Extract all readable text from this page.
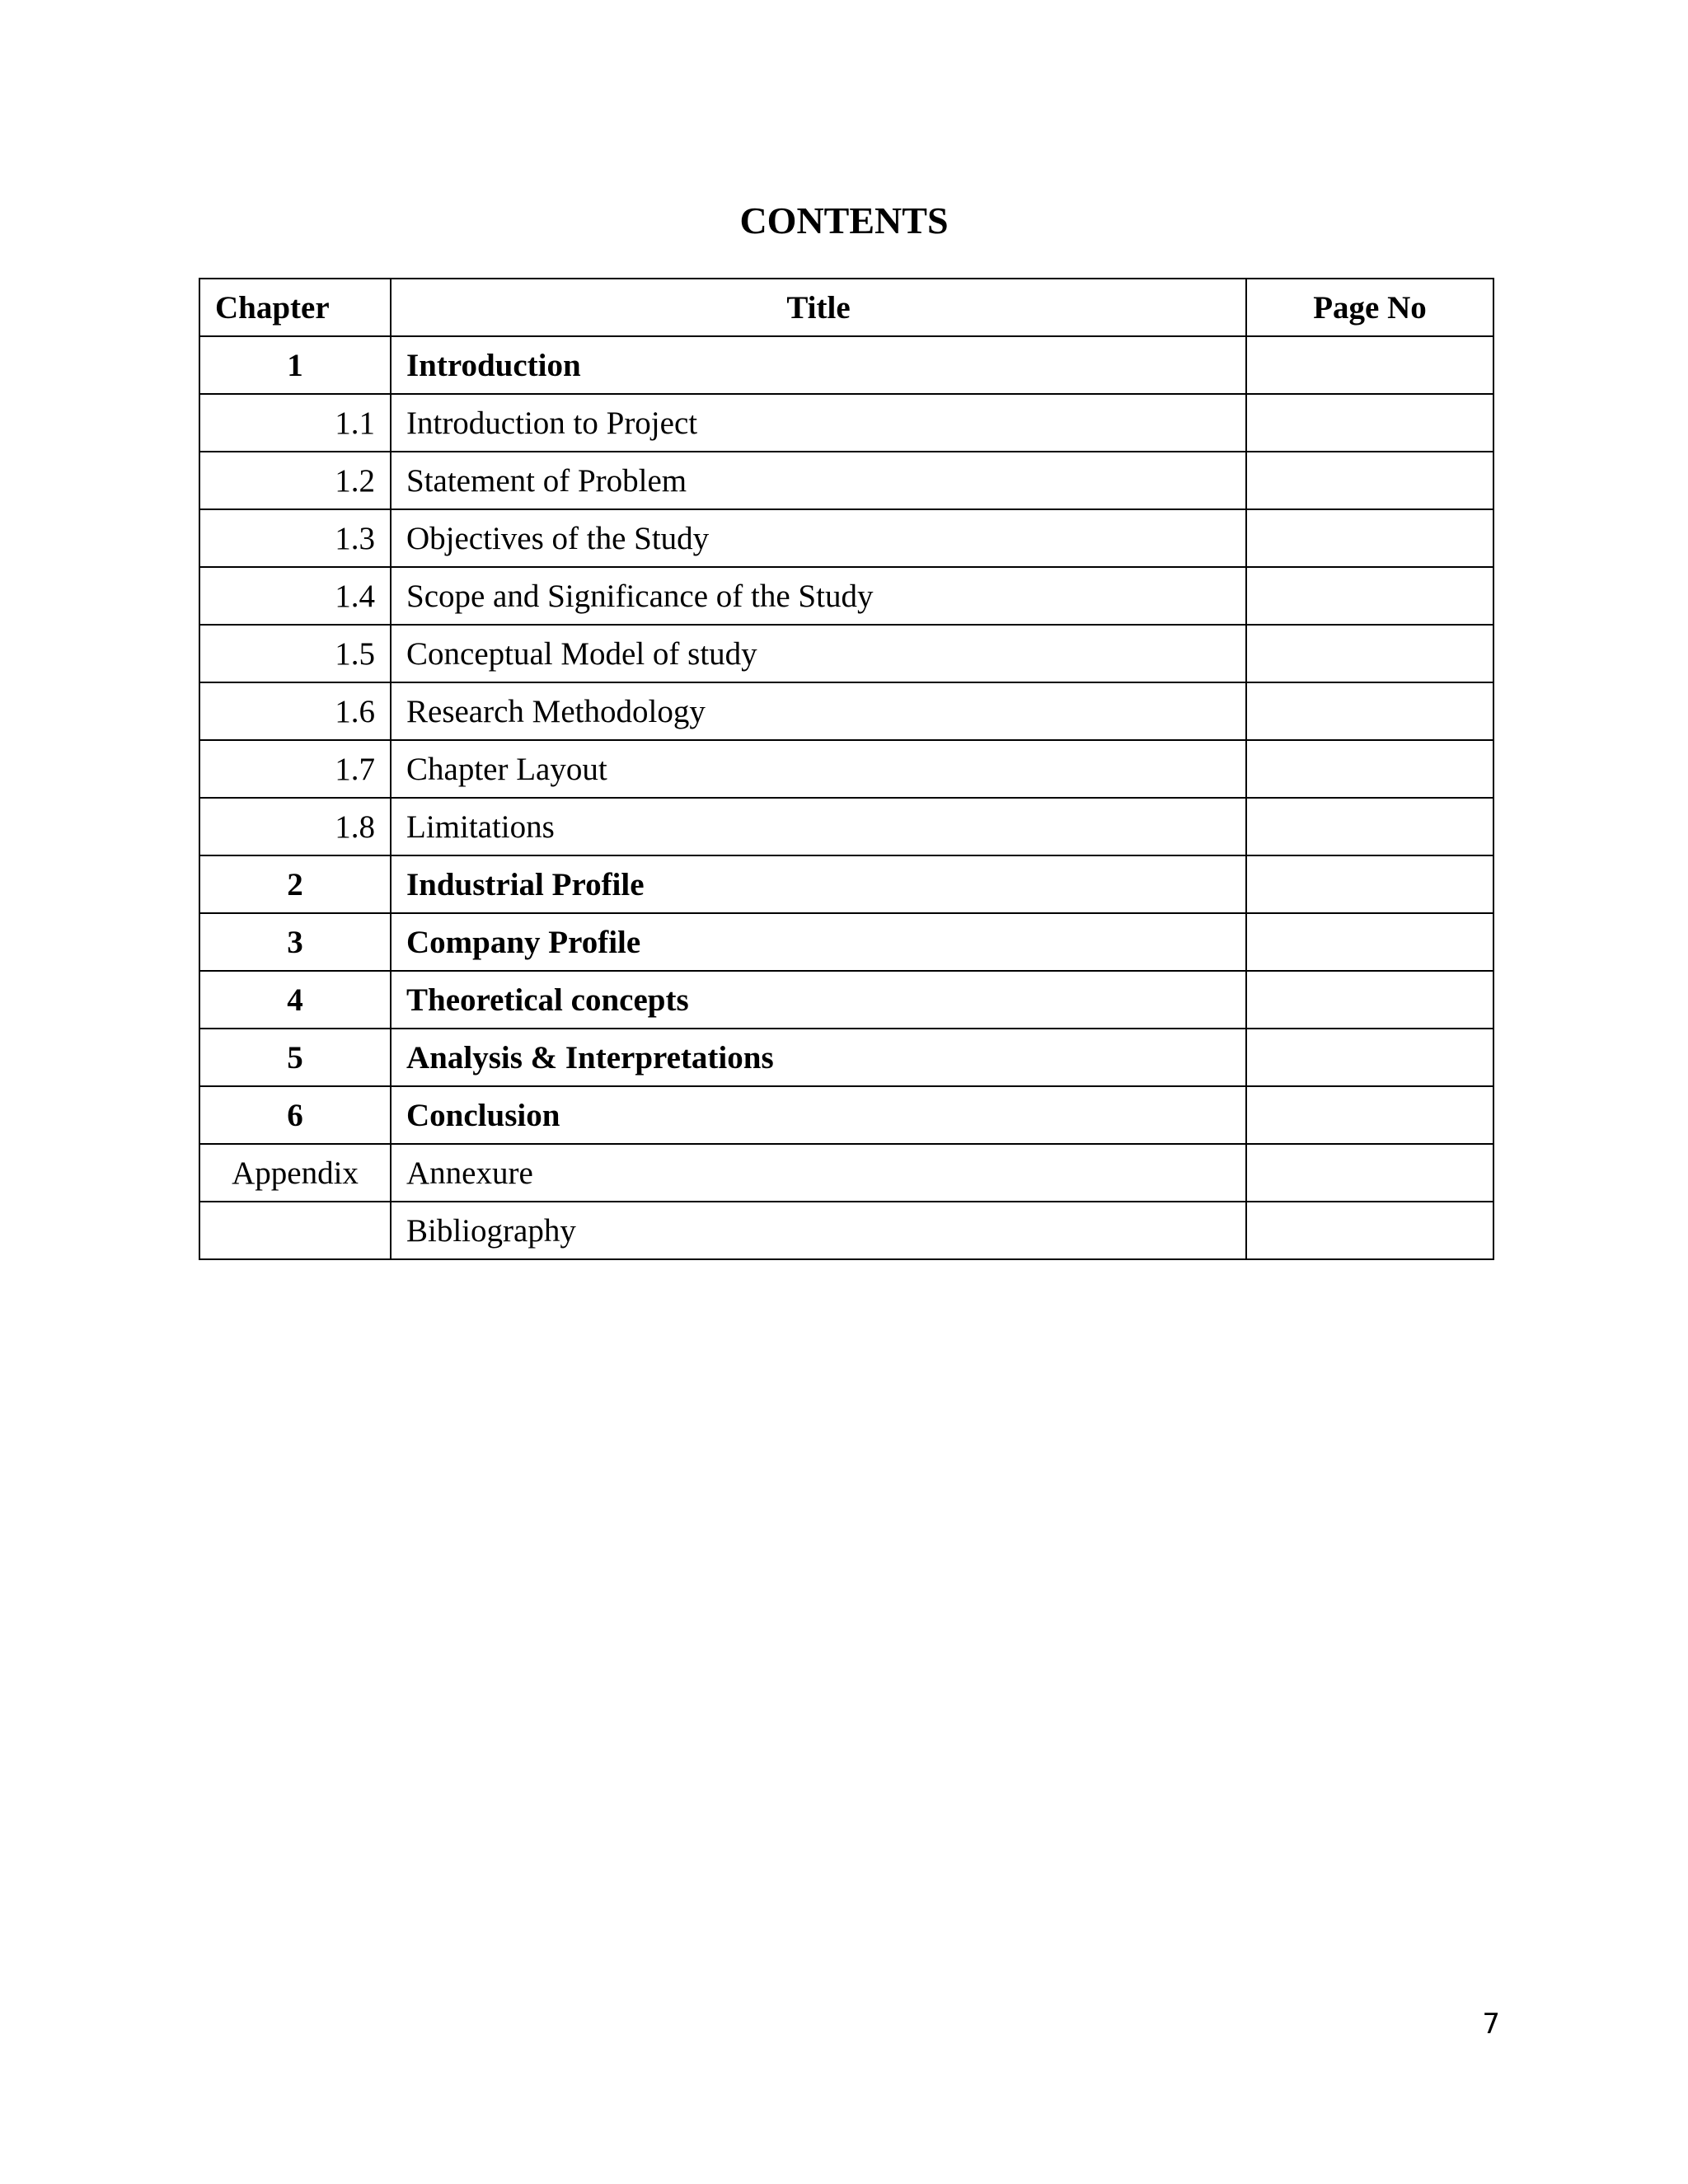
CONTENTS
Chapter	Title	Page No
1	Introduction	
1.1	Introduction to Project	
1.2	Statement of Problem	
1.3	Objectives of the Study	
1.4	Scope and Significance of the Study	
1.5	Conceptual Model of study	
1.6	Research Methodology	
1.7	Chapter Layout	
1.8	Limitations	
2	Industrial Profile	
3	Company Profile	
4	Theoretical concepts	
5	Analysis & Interpretations	
6	Conclusion	
Appendix	Annexure	
	Bibliography	
7
